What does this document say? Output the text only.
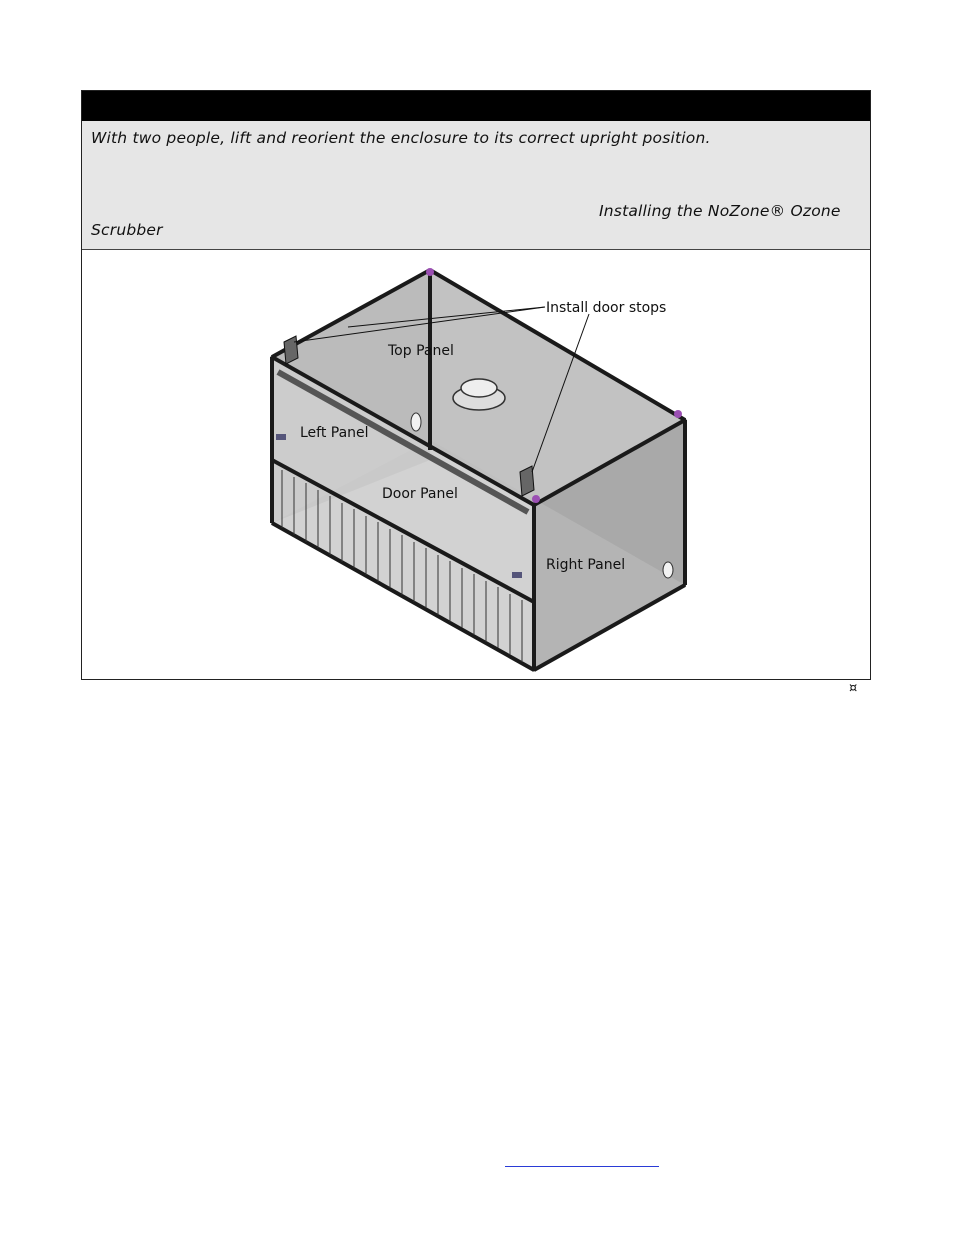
With two people, lift and reorient the enclosure to its correct upright position.
Installing the NoZone® Ozone
Scrubber
Install door stops
Top Panel
Left Panel
Door Panel
Right Panel
¤
